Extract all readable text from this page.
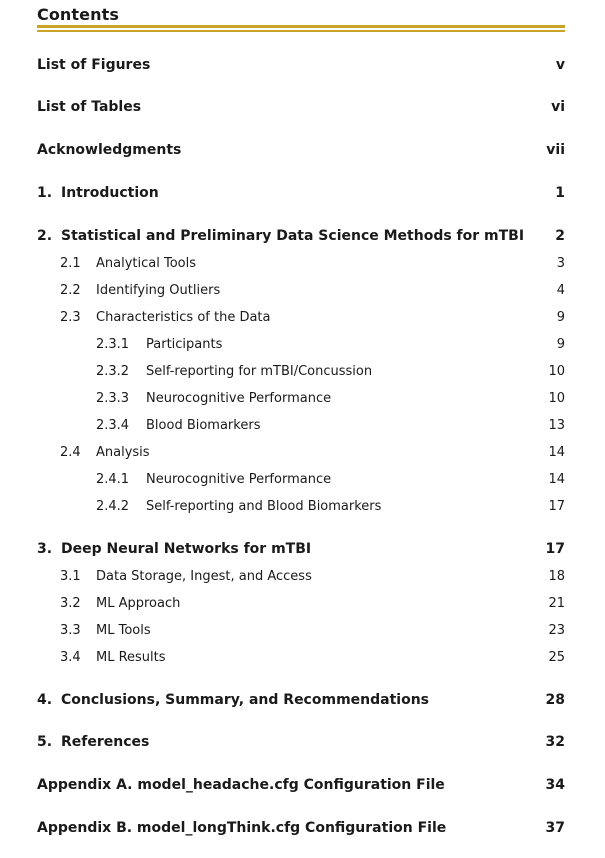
Contents
List of Figures	v
List of Tables	vi
Acknowledgments	vii
1. Introduction	1
2. Statistical and Preliminary Data Science Methods for mTBI	2
2.1	Analytical Tools	3
2.2	Identifying Outliers	4
2.3	Characteristics of the Data	9
2.3.1	Participants	9
2.3.2	Self-reporting for mTBI/Concussion	10
2.3.3	Neurocognitive Performance	10
2.3.4	Blood Biomarkers	13
2.4	Analysis	14
2.4.1	Neurocognitive Performance	14
2.4.2	Self-reporting and Blood Biomarkers	17
3. Deep Neural Networks for mTBI	17
3.1	Data Storage, Ingest, and Access	18
3.2	ML Approach	21
3.3	ML Tools	23
3.4	ML Results	25
4. Conclusions, Summary, and Recommendations	28
5. References	32
Appendix A. model_headache.cfg Configuration File	34
Appendix B. model_longThink.cfg Configuration File	37
